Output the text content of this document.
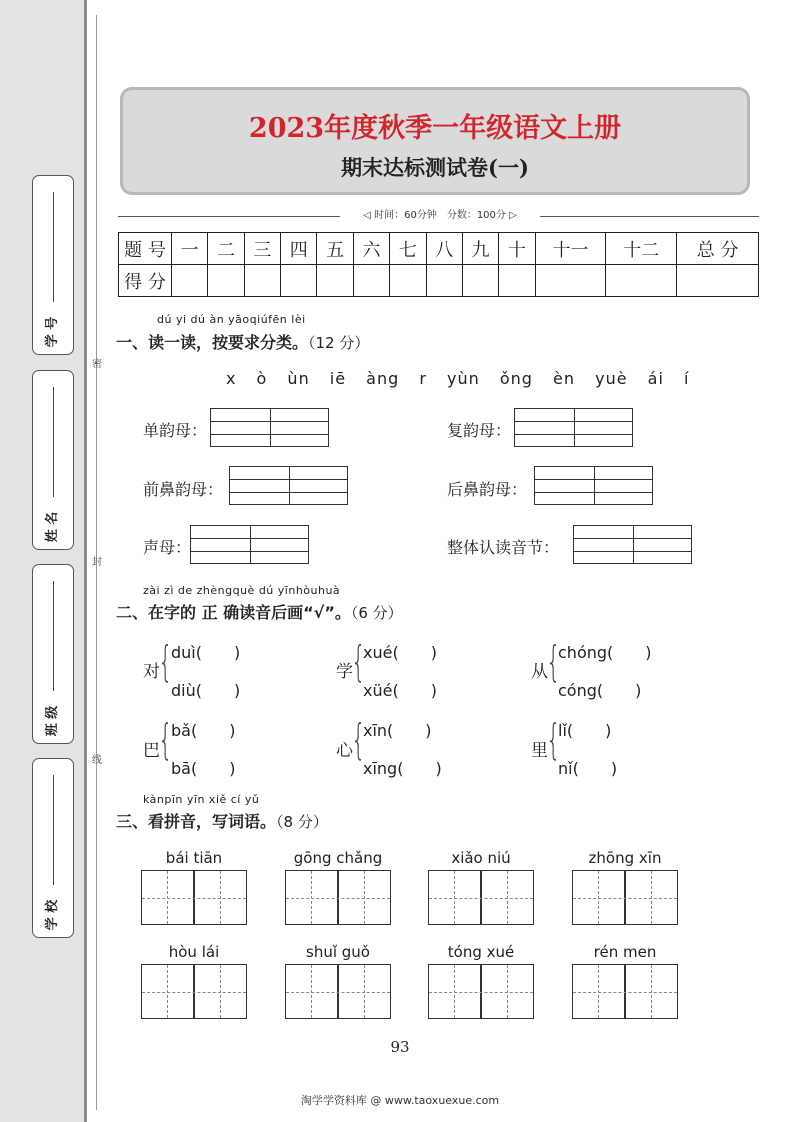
学 号
姓 名
班 级
学 校
密
封
线
2023年度秋季一年级语文上册
期末达标测试卷(一)
◁ 时间：60分钟　分数：100分 ▷
题 号	一	二	三	四	五	六	七	八	九	十	十一	十二	总 分
得 分													
dú yi dú àn yāoqiúfēn lèi
一、读一读，按要求分类。（12 分）
x ò ùn iē àng r yùn ǒng èn yuè ái í
单韵母：	复韵母：
前鼻韵母：	后鼻韵母：
声母：	整体认读音节：
zài zì de zhèngquè dú yīnhòuhuà
二、在字的 正 确读音后画“√”。（6 分）
对
{
duì(　　)
diù(　　)
学
{
xué(　　)
xüé(　　)
从
{
chóng(　　)
cóng(　　)
巴
{
bǎ(　　)
bā(　　)
心
{
xīn(　　)
xīng(　　)
里
{
lǐ(　　)
nǐ(　　)
kànpīn yīn xiě cí yǔ
三、看拼音，写词语。（8 分）
bái tiān	gōng chǎng	xiǎo niú	zhōng xīn
hòu lái	shuǐ guǒ	tóng xué	rén men
93
淘学学资料库 @ www.taoxuexue.com
